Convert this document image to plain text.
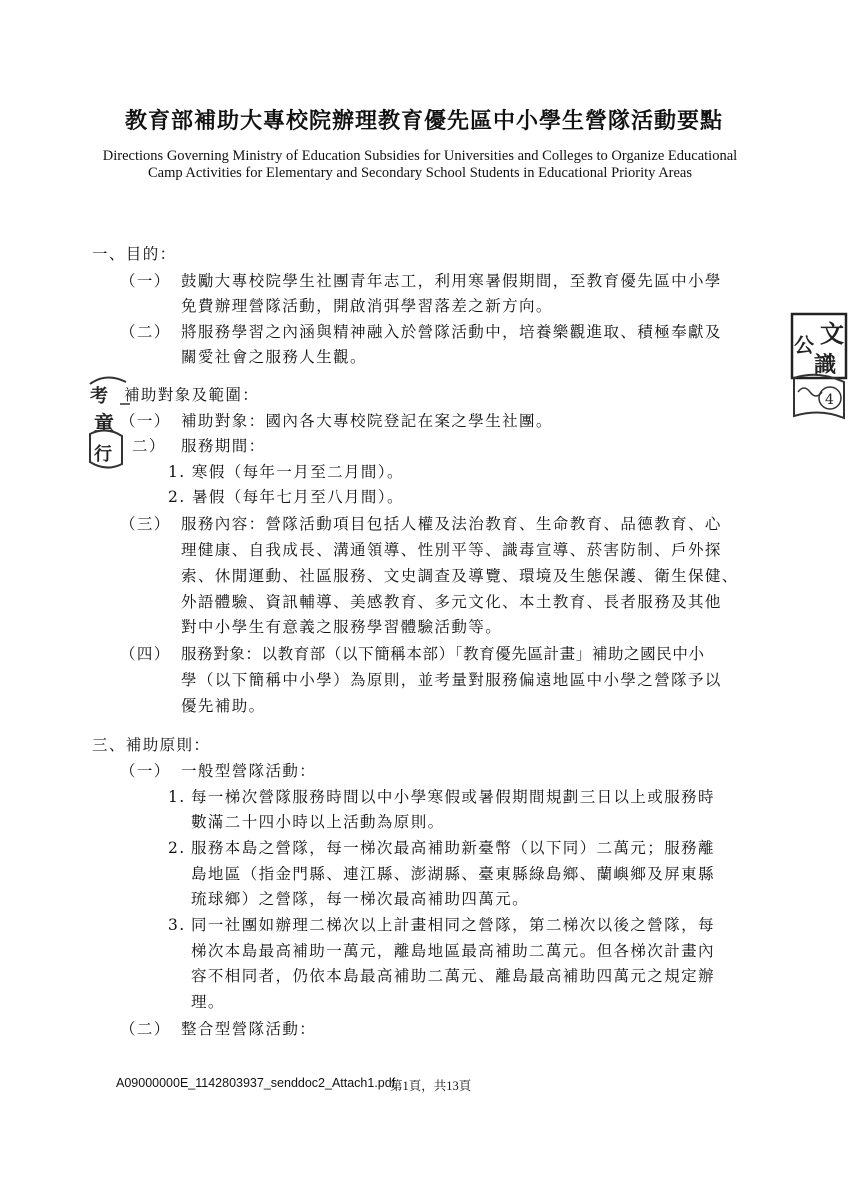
教育部補助大專校院辦理教育優先區中小學生營隊活動要點
Directions Governing Ministry of Education Subsidies for Universities and Colleges to Organize Educational Camp Activities for Elementary and Secondary School Students in Educational Priority Areas
一、目的：
（一） 鼓勵大專校院學生社團青年志工，利用寒暑假期間，至教育優先區中小學
免費辦理營隊活動，開啟消弭學習落差之新方向。
（二） 將服務學習之內涵與精神融入於營隊活動中，培養樂觀進取、積極奉獻及
關愛社會之服務人生觀。
補助對象及範圍：
（一） 補助對象：國內各大專校院登記在案之學生社團。
二） 服務期間：
1. 寒假（每年一月至二月間）。
2. 暑假（每年七月至八月間）。
（三） 服務內容：營隊活動項目包括人權及法治教育、生命教育、品德教育、心
理健康、自我成長、溝通領導、性別平等、識毒宣導、菸害防制、戶外探
索、休閒運動、社區服務、文史調查及導覽、環境及生態保護、衛生保健、
外語體驗、資訊輔導、美感教育、多元文化、本土教育、長者服務及其他
對中小學生有意義之服務學習體驗活動等。
（四） 服務對象：以教育部（以下簡稱本部）「教育優先區計畫」補助之國民中小
學（以下簡稱中小學）為原則，並考量對服務偏遠地區中小學之營隊予以
優先補助。
三、補助原則：
（一） 一般型營隊活動：
1. 每一梯次營隊服務時間以中小學寒假或暑假期間規劃三日以上或服務時
數滿二十四小時以上活動為原則。
2. 服務本島之營隊，每一梯次最高補助新臺幣（以下同）二萬元；服務離
島地區（指金門縣、連江縣、澎湖縣、臺東縣綠島鄉、蘭嶼鄉及屏東縣
琉球鄉）之營隊，每一梯次最高補助四萬元。
3. 同一社團如辦理二梯次以上計畫相同之營隊，第二梯次以後之營隊，每
梯次本島最高補助一萬元，離島地區最高補助二萬元。但各梯次計畫內
容不相同者，仍依本島最高補助二萬元、離島最高補助四萬元之規定辦
理。
（二） 整合型營隊活動：
文
公
識
4
考
童
行
A09000000E_1142803937_senddoc2_Attach1.pdf
第1頁，共13頁
